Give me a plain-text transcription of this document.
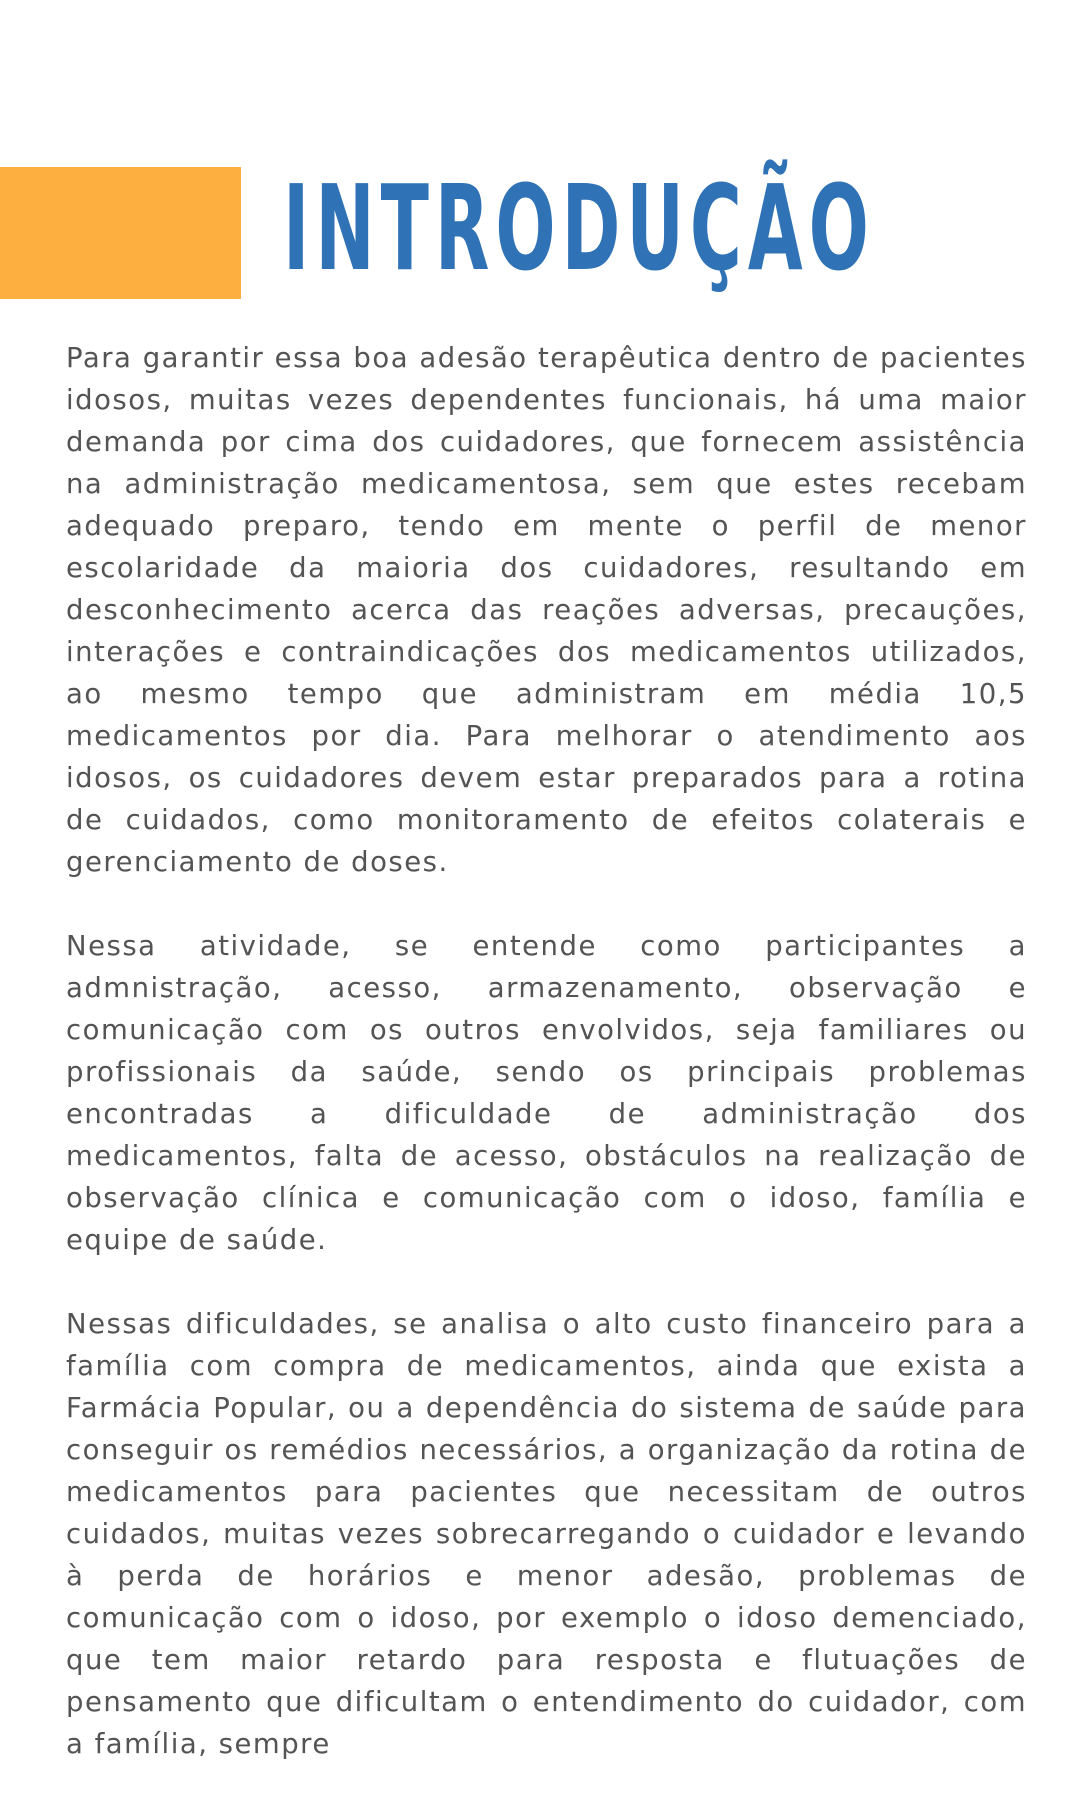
INTRODUÇÃO

Para garantir essa boa adesão terapêutica dentro de pacientes idosos, muitas vezes dependentes funcionais, há uma maior demanda por cima dos cuidadores, que fornecem assistência na administração medicamentosa, sem que estes recebam adequado preparo, tendo em mente o perfil de menor escolaridade da maioria dos cuidadores, resultando em desconhecimento acerca das reações adversas, precauções, interações e contraindicações dos medicamentos utilizados, ao mesmo tempo que administram em média 10,5 medicamentos por dia. Para melhorar o atendimento aos idosos, os cuidadores devem estar preparados para a rotina de cuidados, como monitoramento de efeitos colaterais e gerenciamento de doses.

Nessa atividade, se entende como participantes a admnistração, acesso, armazenamento, observação e comunicação com os outros envolvidos, seja familiares ou profissionais da saúde, sendo os principais problemas encontradas a dificuldade de administração dos medicamentos, falta de acesso, obstáculos na realização de observação clínica e comunicação com o idoso, família e equipe de saúde.

Nessas dificuldades, se analisa o alto custo financeiro para a família com compra de medicamentos, ainda que exista a Farmácia Popular, ou a dependência do sistema de saúde para conseguir os remédios necessários, a organização da rotina de medicamentos para pacientes que necessitam de outros cuidados, muitas vezes sobrecarregando o cuidador e levando à perda de horários e menor adesão, problemas de comunicação com o idoso, por exemplo o idoso demenciado, que tem maior retardo para resposta e flutuações de pensamento que dificultam o entendimento do cuidador, com a família, sempre
